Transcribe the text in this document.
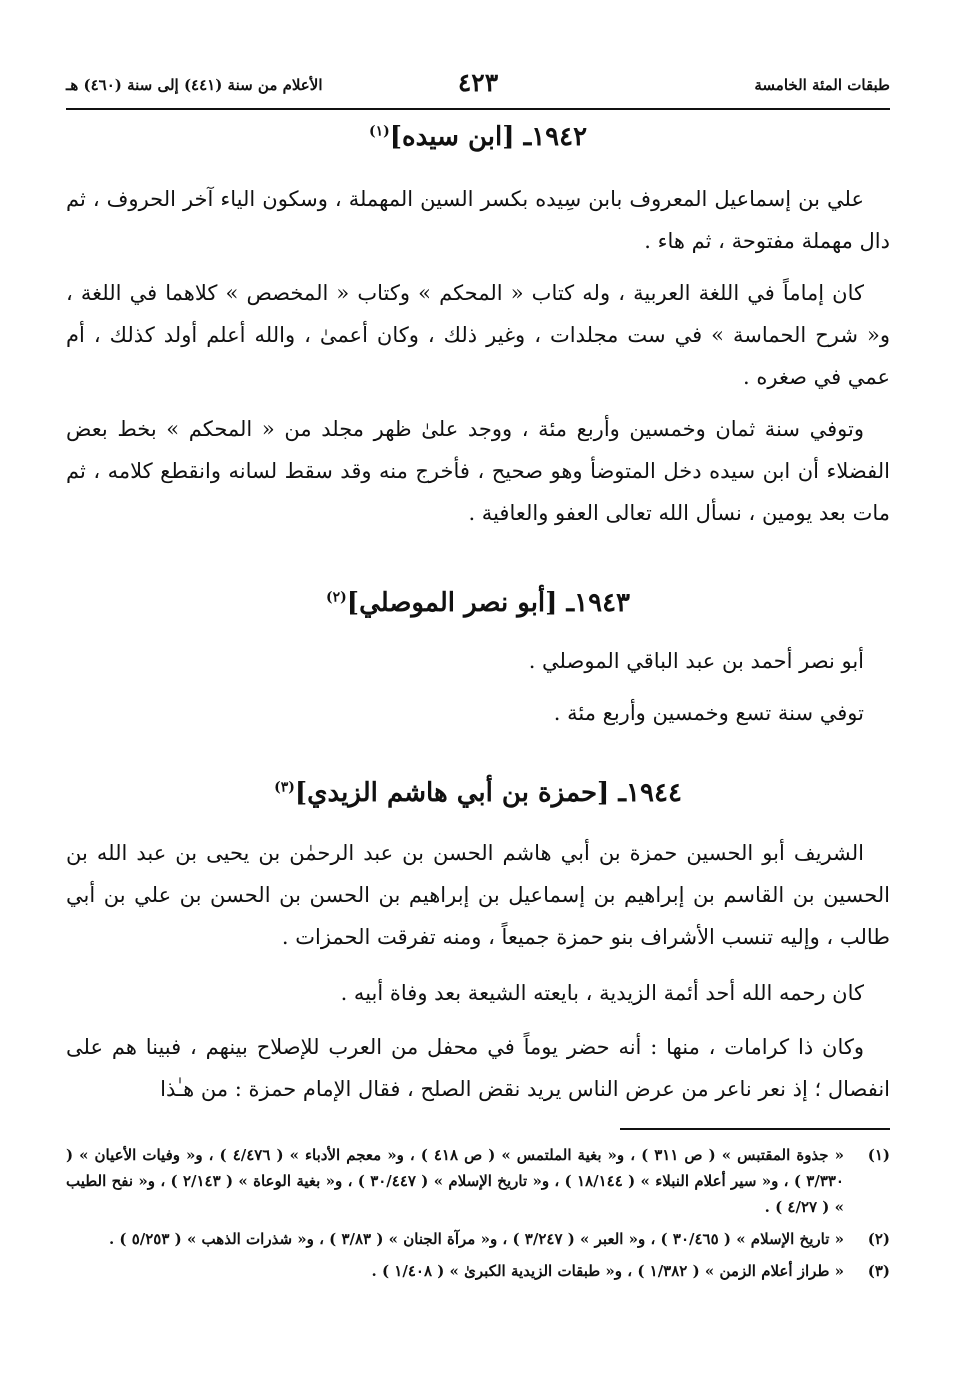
طبقات المئة الخامسة
٤٢٣
الأعلام من سنة (٤٤١) إلى سنة (٤٦٠) هـ
١٩٤٢ـ [ابن سيده]$^{(١)}$

علي بن إسماعيل المعروف بابن سِيده بكسر السين المهملة ، وسكون الياء آخر الحروف ، ثم دال مهملة مفتوحة ، ثم هاء .

كان إماماً في اللغة العربية ، وله كتاب « المحكم » وكتاب « المخصص » كلاهما في اللغة ، و« شرح الحماسة » في ست مجلدات ، وغير ذلك ، وكان أعمىٰ ، والله أعلم أولد كذلك ، أم عمي في صغره .

وتوفي سنة ثمان وخمسين وأربع مئة ، ووجد علىٰ ظهر مجلد من « المحكم » بخط بعض الفضلاء أن ابن سيده دخل المتوضأ وهو صحيح ، فأخرج منه وقد سقط لسانه وانقطع كلامه ، ثم مات بعد يومين ، نسأل الله تعالى العفو والعافية .

١٩٤٣ـ [أبو نصر الموصلي]$^{(٢)}$

أبو نصر أحمد بن عبد الباقي الموصلي .

توفي سنة تسع وخمسين وأربع مئة .

١٩٤٤ـ [حمزة بن أبي هاشم الزيدي]$^{(٣)}$

الشريف أبو الحسين حمزة بن أبي هاشم الحسن بن عبد الرحمٰن بن يحيى بن عبد الله بن الحسين بن القاسم بن إبراهيم بن إسماعيل بن إبراهيم بن الحسن بن الحسن بن علي بن أبي طالب ، وإليه تنسب الأشراف بنو حمزة جميعاً ، ومنه تفرقت الحمزات .

كان رحمه الله أحد أئمة الزيدية ، بايعته الشيعة بعد وفاة أبيه .

وكان ذا كرامات ، منها : أنه حضر يوماً في محفل من العرب للإصلاح بينهم ، فبينا هم على انفصال ؛ إذ نعر ناعر من عرض الناس يريد نقض الصلح ، فقال الإمام حمزة : من هـٰذا

(١)
« جذوة المقتبس » ( ص ٣١١ ) ، و« بغية الملتمس » ( ص ٤١٨ ) ، و« معجم الأدباء » ( ٤/٤٧٦ ) ، و« وفيات الأعيان » ( ٣/٣٣٠ ) ، و« سير أعلام النبلاء » ( ١٨/١٤٤ ) ، و« تاريخ الإسلام » ( ٣٠/٤٤٧ ) ، و« بغية الوعاة » ( ٢/١٤٣ ) ، و« نفح الطيب » ( ٤/٢٧ ) .
(٢)
« تاريخ الإسلام » ( ٣٠/٤٦٥ ) ، و« العبر » ( ٣/٢٤٧ ) ، و« مرآة الجنان » ( ٣/٨٣ ) ، و« شذرات الذهب » ( ٥/٢٥٣ ) .
(٣)
« طراز أعلام الزمن » ( ١/٣٨٢ ) ، و« طبقات الزيدية الكبرىٰ » ( ١/٤٠٨ ) .
